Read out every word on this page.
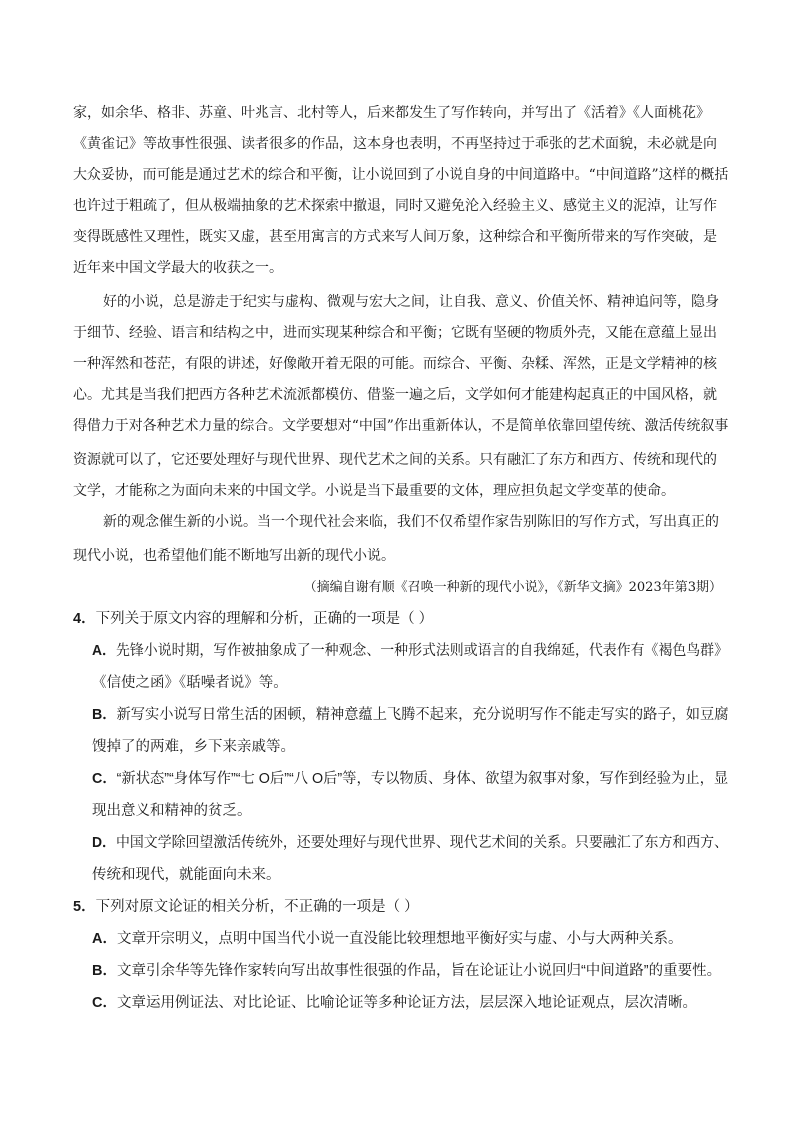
家，如余华、格非、苏童、叶兆言、北村等人，后来都发生了写作转向，并写出了《活着》《人面桃花》
《黄雀记》等故事性很强、读者很多的作品，这本身也表明，不再坚持过于乖张的艺术面貌，未必就是向
大众妥协，而可能是通过艺术的综合和平衡，让小说回到了小说自身的中间道路中。“中间道路”这样的概括
也许过于粗疏了，但从极端抽象的艺术探索中撤退，同时又避免沦入经验主义、感觉主义的泥淖，让写作
变得既感性又理性，既实又虚，甚至用寓言的方式来写人间万象，这种综合和平衡所带来的写作突破，是
近年来中国文学最大的收获之一。
好的小说，总是游走于纪实与虚构、微观与宏大之间，让自我、意义、价值关怀、精神追问等，隐身
于细节、经验、语言和结构之中，进而实现某种综合和平衡；它既有坚硬的物质外壳，又能在意蕴上显出
一种浑然和苍茫，有限的讲述，好像敞开着无限的可能。而综合、平衡、杂糅、浑然，正是文学精神的核
心。尤其是当我们把西方各种艺术流派都模仿、借鉴一遍之后，文学如何才能建构起真正的中国风格，就
得借力于对各种艺术力量的综合。文学要想对“中国”作出重新体认，不是简单依靠回望传统、激活传统叙事
资源就可以了，它还要处理好与现代世界、现代艺术之间的关系。只有融汇了东方和西方、传统和现代的
文学，才能称之为面向未来的中国文学。小说是当下最重要的文体，理应担负起文学变革的使命。
新的观念催生新的小说。当一个现代社会来临，我们不仅希望作家告别陈旧的写作方式，写出真正的
现代小说，也希望他们能不断地写出新的现代小说。
（摘编自谢有顺《召唤一种新的现代小说》，《新华文摘》2023年第3期）
4．下列关于原文内容的理解和分析，正确的一项是（ ）
A．先锋小说时期，写作被抽象成了一种观念、一种形式法则或语言的自我绵延，代表作有《褐色鸟群》
《信使之函》《聒噪者说》等。
B．新写实小说写日常生活的困顿，精神意蕴上飞腾不起来，充分说明写作不能走写实的路子，如豆腐
馊掉了的两难，乡下来亲戚等。
C．“新状态”“身体写作”“七 O后”“八 O后”等，专以物质、身体、欲望为叙事对象，写作到经验为止，显
现出意义和精神的贫乏。
D．中国文学除回望激活传统外，还要处理好与现代世界、现代艺术间的关系。只要融汇了东方和西方、
传统和现代，就能面向未来。
5．下列对原文论证的相关分析，不正确的一项是（ ）
A．文章开宗明义，点明中国当代小说一直没能比较理想地平衡好实与虚、小与大两种关系。
B．文章引余华等先锋作家转向写出故事性很强的作品，旨在论证让小说回归“中间道路”的重要性。
C．文章运用例证法、对比论证、比喻论证等多种论证方法，层层深入地论证观点，层次清晰。
